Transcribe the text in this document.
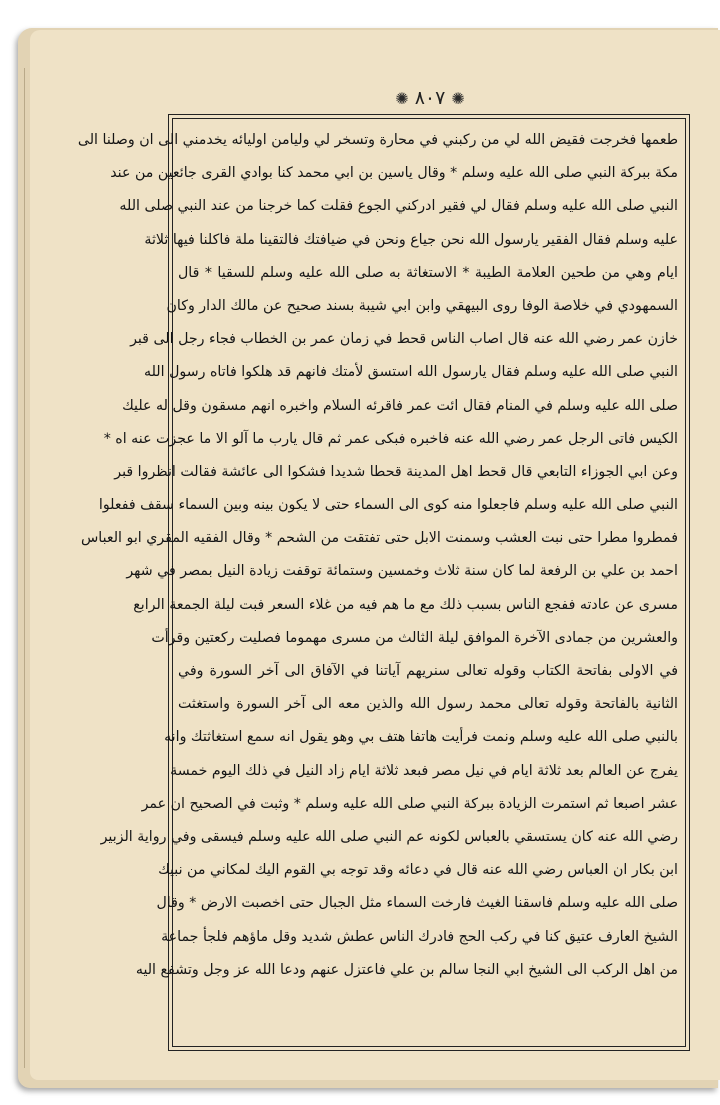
✺ ٨٠٧ ✺
طعمها فخرجت فقيض الله لي من ركبني في محارة وتسخر لي وليامن اوليائه يخدمني الى ان وصلنا الى
مكة ببركة النبي صلى الله عليه وسلم * وقال ياسين بن ابي محمد كنا بوادي القرى جائعين من عند
النبي صلى الله عليه وسلم فقال لي فقير ادركني الجوع فقلت كما خرجنا من عند النبي صلى الله
عليه وسلم فقال الفقير يارسول الله نحن جياع ونحن في ضيافتك فالتقينا ملة فاكلنا فيها ثلاثة
ايام وهي من طحين العلامة الطيبة * الاستغاثة به صلى الله عليه وسلم للسقيا * قال
السمهودي في خلاصة الوفا روى البيهقي وابن ابي شيبة بسند صحيح عن مالك الدار وكان
خازن عمر رضي الله عنه قال اصاب الناس قحط في زمان عمر بن الخطاب فجاء رجل الى قبر
النبي صلى الله عليه وسلم فقال يارسول الله استسق لأمتك فانهم قد هلكوا فاتاه رسول الله
صلى الله عليه وسلم في المنام فقال ائت عمر فاقرئه السلام واخبره انهم مسقون وقل له عليك
الكيس فاتى الرجل عمر رضي الله عنه فاخبره فبكى عمر ثم قال يارب ما آلو الا ما عجزت عنه اه *
وعن ابي الجوزاء التابعي قال قحط اهل المدينة قحطا شديدا فشكوا الى عائشة فقالت انظروا قبر
النبي صلى الله عليه وسلم فاجعلوا منه كوى الى السماء حتى لا يكون بينه وبين السماء سقف ففعلوا
فمطروا مطرا حتى نبت العشب وسمنت الابل حتى تفتقت من الشحم * وقال الفقيه المقري ابو العباس
احمد بن علي بن الرفعة لما كان سنة ثلاث وخمسين وستمائة توقفت زيادة النيل بمصر في شهر
مسرى عن عادته ففجع الناس بسبب ذلك مع ما هم فيه من غلاء السعر فبت ليلة الجمعة الرابع
والعشرين من جمادى الآخرة الموافق ليلة الثالث من مسرى مهموما فصليت ركعتين وقرأت
في الاولى بفاتحة الكتاب وقوله تعالى سنريهم آياتنا في الآفاق الى آخر السورة وفي
الثانية بالفاتحة وقوله تعالى محمد رسول الله والذين معه الى آخر السورة واستغثت
بالنبي صلى الله عليه وسلم ونمت فرأيت هاتفا هتف بي وهو يقول انه سمع استغاثتك وانه
يفرج عن العالم بعد ثلاثة ايام في نيل مصر فبعد ثلاثة ايام زاد النيل في ذلك اليوم خمسة
عشر اصبعا ثم استمرت الزيادة ببركة النبي صلى الله عليه وسلم * وثبت في الصحيح ان عمر
رضي الله عنه كان يستسقي بالعباس لكونه عم النبي صلى الله عليه وسلم فيسقى وفي رواية الزبير
ابن بكار ان العباس رضي الله عنه قال في دعائه وقد توجه بي القوم اليك لمكاني من نبيك
صلى الله عليه وسلم فاسقنا الغيث فارخت السماء مثل الجبال حتى اخصبت الارض * وقال
الشيخ العارف عتيق كنا في ركب الحج فادرك الناس عطش شديد وقل ماؤهم فلجأ جماعة
من اهل الركب الى الشيخ ابي النجا سالم بن علي فاعتزل عنهم ودعا الله عز وجل وتشفع اليه
